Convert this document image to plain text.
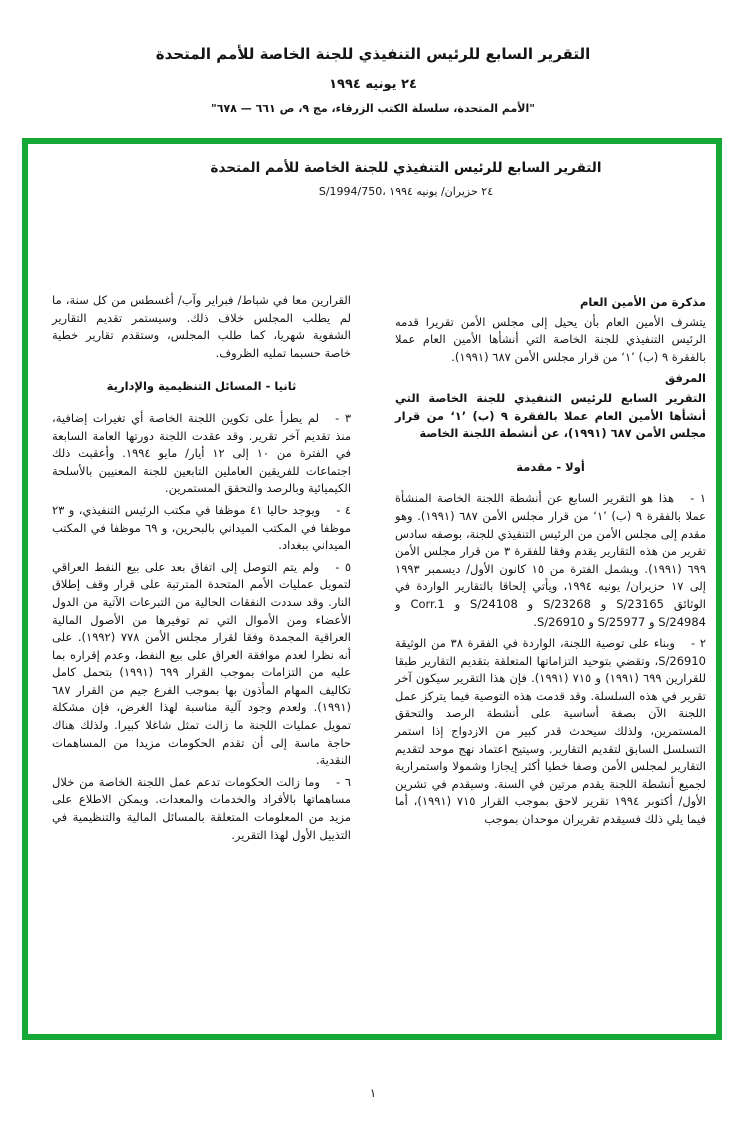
التقرير السابع للرئيس التنفيذي للجنة الخاصة للأمم المتحدة
٢٤ يونيه ١٩٩٤
"الأمم المتحدة، سلسلة الكتب الزرقاء، مج ٩، ص ٦٦١ — ٦٧٨"
التقرير السابع للرئيس التنفيذي للجنة الخاصة للأمم المتحدة
S/1994/750، ٢٤ حزيران/ يونيه ١٩٩٤
مذكرة من الأمين العام

يتشرف الأمين العام بأن يحيل إلى مجلس الأمن تقريرا قدمه الرئيس التنفيذي للجنة الخاصة التي أنشأها الأمين العام عملا بالفقرة ٩ (ب) ’١‘ من قرار مجلس الأمن ٦٨٧ (١٩٩١).

المرفق

التقرير السابع للرئيس التنفيذي للجنة الخاصة التي أنشأها الأمين العام عملا بالفقرة ٩ (ب) ’١‘ من قرار مجلس الأمن ٦٨٧ (١٩٩١)، عن أنشطة اللجنة الخاصة

أولا - مقدمة

١ -هذا هو التقرير السابع عن أنشطة اللجنة الخاصة المنشأة عملا بالفقرة ٩ (ب) ’١‘ من قرار مجلس الأمن ٦٨٧ (١٩٩١). وهو مقدم إلى مجلس الأمن من الرئيس التنفيذي للجنة، بوصفه سادس تقرير من هذه التقارير يقدم وفقا للفقرة ٣ من قرار مجلس الأمن ٦٩٩ (١٩٩١). ويشمل الفترة من ١٥ كانون الأول/ ديسمبر ١٩٩٣ إلى ١٧ حزيران/ يونيه ١٩٩٤، ويأتي إلحاقا بالتقارير الواردة في الوثائق S/23165 و S/23268 و S/24108 و Corr.1 و S/24984 و S/25977 و S/26910.

٢ -وبناء على توصية اللجنة، الواردة في الفقرة ٣٨ من الوثيقة S/26910، وتقضي بتوحيد التزاماتها المتعلقة بتقديم التقارير طبقا للقرارين ٦٩٩ (١٩٩١) و ٧١٥ (١٩٩١). فإن هذا التقرير سيكون آخر تقرير في هذه السلسلة. وقد قدمت هذه التوصية فيما يتركز عمل اللجنة الآن بصفة أساسية على أنشطة الرصد والتحقق المستمرين، ولذلك سيحدث قدر كبير من الازدواج إذا استمر التسلسل السابق لتقديم التقارير. وسيتيح اعتماد نهج موحد لتقديم التقارير لمجلس الأمن وصفا خطيا أكثر إيجازا وشمولا واستمرارية لجميع أنشطة اللجنة يقدم مرتين في السنة. وسيقدم في تشرين الأول/ أكتوبر ١٩٩٤ تقرير لاحق بموجب القرار ٧١٥ (١٩٩١)، أما فيما يلي ذلك فسيقدم تقريران موحدان بموجب

القرارين معا في شباط/ فبراير وآب/ أغسطس من كل سنة، ما لم يطلب المجلس خلاف ذلك. وسيستمر تقديم التقارير الشفوية شهريا، كما طلب المجلس، وستقدم تقارير خطية خاصة حسبما تمليه الظروف.

ثانيا - المسائل التنظيمية والإدارية

٣ -لم يطرأ على تكوين اللجنة الخاصة أي تغيرات إضافية، منذ تقديم آخر تقرير. وقد عقدت اللجنة دورتها العامة السابعة في الفترة من ١٠ إلى ١٢ أيار/ مايو ١٩٩٤. وأعقبت ذلك اجتماعات للفريقين العاملين التابعين للجنة المعنيين بالأسلحة الكيميائية وبالرصد والتحقق المستمرين.

٤ -ويوجد حاليا ٤١ موظفا في مكتب الرئيس التنفيذي، و ٢٣ موظفا في المكتب الميداني بالبحرين، و ٦٩ موظفا في المكتب الميداني ببغداد.

٥ -ولم يتم التوصل إلى اتفاق بعد على بيع النفط العراقي لتمويل عمليات الأمم المتحدة المترتبة على قرار وقف إطلاق النار. وقد سددت النفقات الحالية من التبرعات الآتية من الدول الأعضاء ومن الأموال التي تم توفيرها من الأصول المالية العراقية المجمدة وفقا لقرار مجلس الأمن ٧٧٨ (١٩٩٢). على أنه نظرا لعدم موافقة العراق على بيع النفط، وعدم إقراره بما عليه من التزامات بموجب القرار ٦٩٩ (١٩٩١) بتحمل كامل تكاليف المهام المأذون بها بموجب الفرع جيم من القرار ٦٨٧ (١٩٩١). ولعدم وجود آلية مناسبة لهذا الغرض، فإن مشكلة تمويل عمليات اللجنة ما زالت تمثل شاغلا كبيرا. ولذلك هناك حاجة ماسة إلى أن تقدم الحكومات مزيدا من المساهمات النقدية.

٦ -وما زالت الحكومات تدعم عمل اللجنة الخاصة من خلال مساهماتها بالأفراد والخدمات والمعدات. ويمكن الاطلاع على مزيد من المعلومات المتعلقة بالمسائل المالية والتنظيمية في التذييل الأول لهذا التقرير.

١
